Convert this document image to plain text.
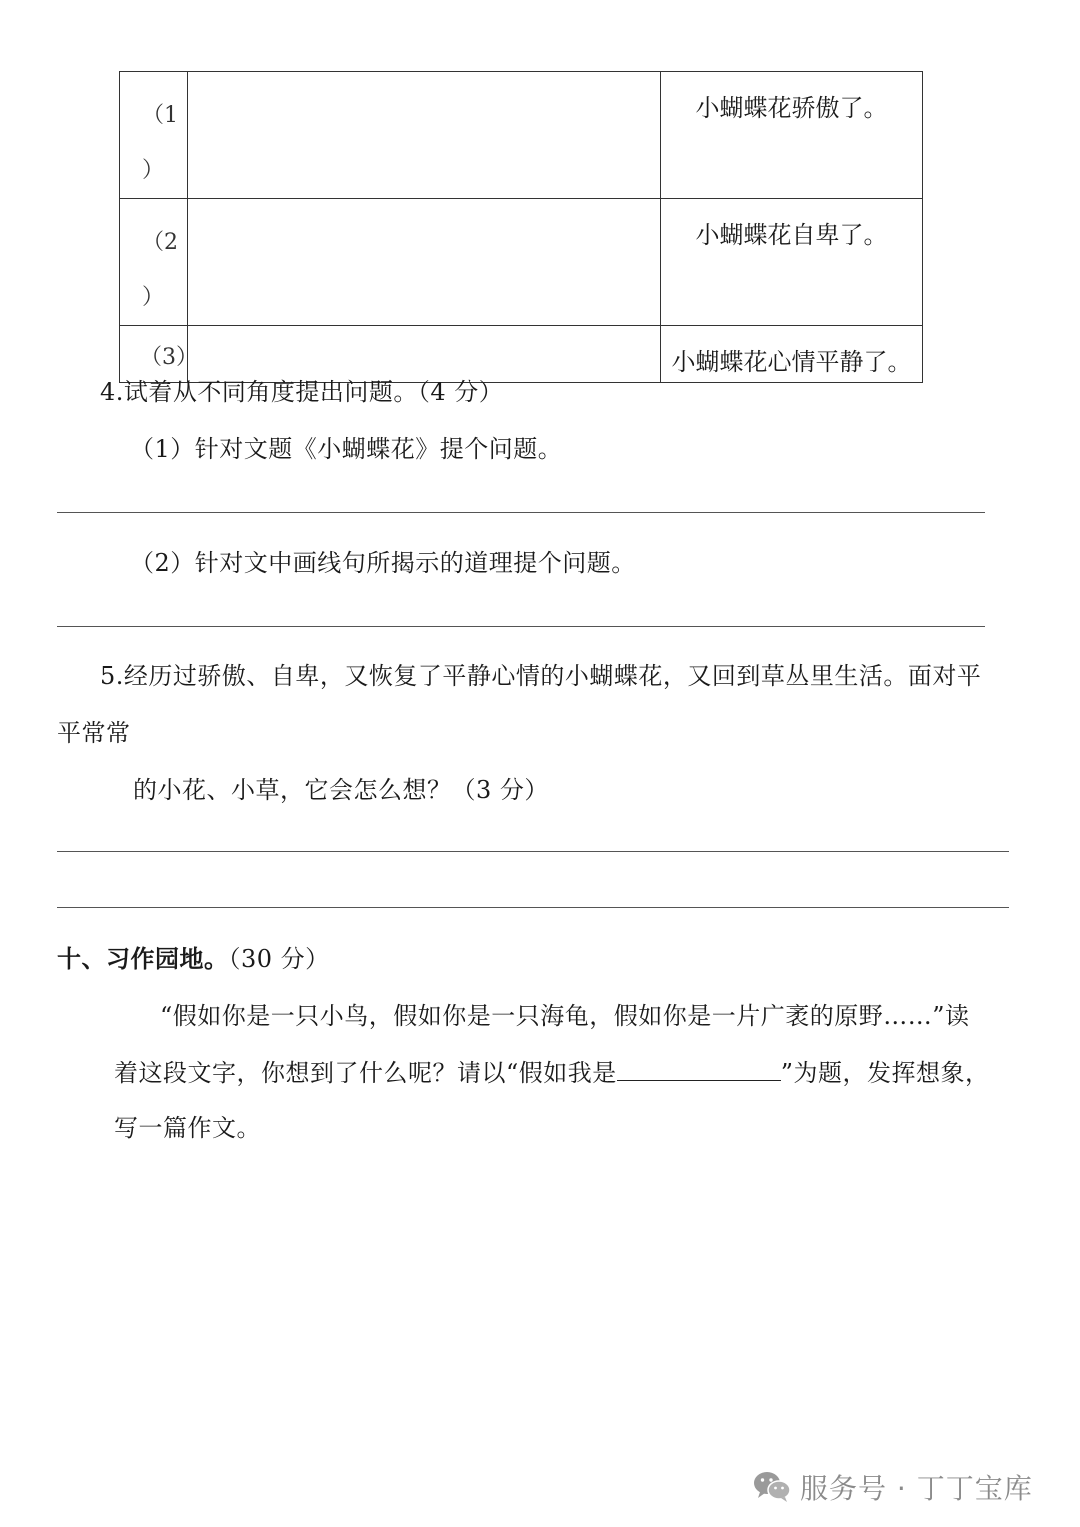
（1
）		小蝴蝶花骄傲了。

（2
）		小蝴蝶花自卑了。
（3）		小蝴蝶花心情平静了。
4.试着从不同角度提出问题。（4 分）
（1）针对文题《小蝴蝶花》提个问题。
（2）针对文中画线句所揭示的道理提个问题。
5.经历过骄傲、自卑，又恢复了平静心情的小蝴蝶花，又回到草丛里生活。面对平
平常常
的小花、小草，它会怎么想？（3 分）
十、习作园地。（30 分）
“假如你是一只小鸟，假如你是一只海龟，假如你是一片广袤的原野……”读
着这段文字，你想到了什么呢？请以“假如我是	”为题，发挥想象，
写一篇作文。
服务号 · 丁丁宝库
